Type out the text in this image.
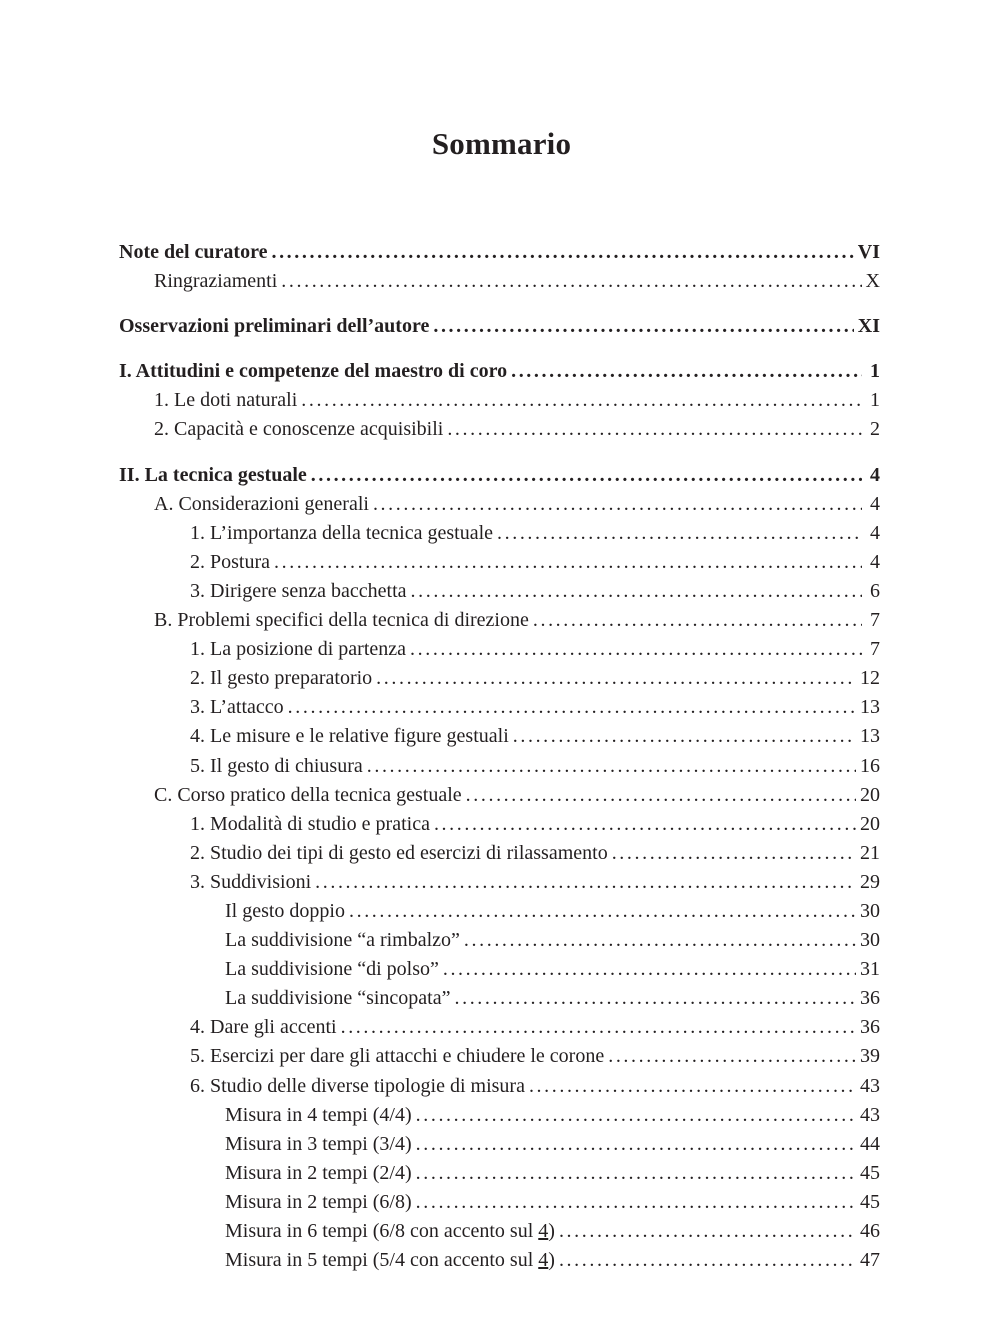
Sommario
Note del curatore . . .	VI
Ringraziamenti . . .	X
Osservazioni preliminari dell’autore . . .	XI
I. Attitudini e competenze del maestro di coro . . .	1
1. Le doti naturali . . .	1
2. Capacità e conoscenze acquisibili . . .	2
II. La tecnica gestuale . . .	4
A. Considerazioni generali . . .	4
1. L’importanza della tecnica gestuale . . .	4
2. Postura . . .	4
3. Dirigere senza bacchetta . . .	6
B. Problemi specifici della tecnica di direzione . . .	7
1. La posizione di partenza . . .	7
2. Il gesto preparatorio . . .	12
3. L’attacco . . .	13
4. Le misure e le relative figure gestuali . . .	13
5. Il gesto di chiusura . . .	16
C. Corso pratico della tecnica gestuale . . .	20
1. Modalità di studio e pratica . . .	20
2. Studio dei tipi di gesto ed esercizi di rilassamento . . .	21
3. Suddivisioni . . .	29
Il gesto doppio . . .	30
La suddivisione “a rimbalzo” . . .	30
La suddivisione “di polso” . . .	31
La suddivisione “sincopata” . . .	36
4. Dare gli accenti . . .	36
5. Esercizi per dare gli attacchi e chiudere le corone . . .	39
6. Studio delle diverse tipologie di misura . . .	43
Misura in 4 tempi (4/4) . . .	43
Misura in 3 tempi (3/4) . . .	44
Misura in 2 tempi (2/4) . . .	45
Misura in 2 tempi (6/8) . . .	45
Misura in 6 tempi (6/8 con accento sul 4) . . .	46
Misura in 5 tempi (5/4 con accento sul 4) . . .	47
